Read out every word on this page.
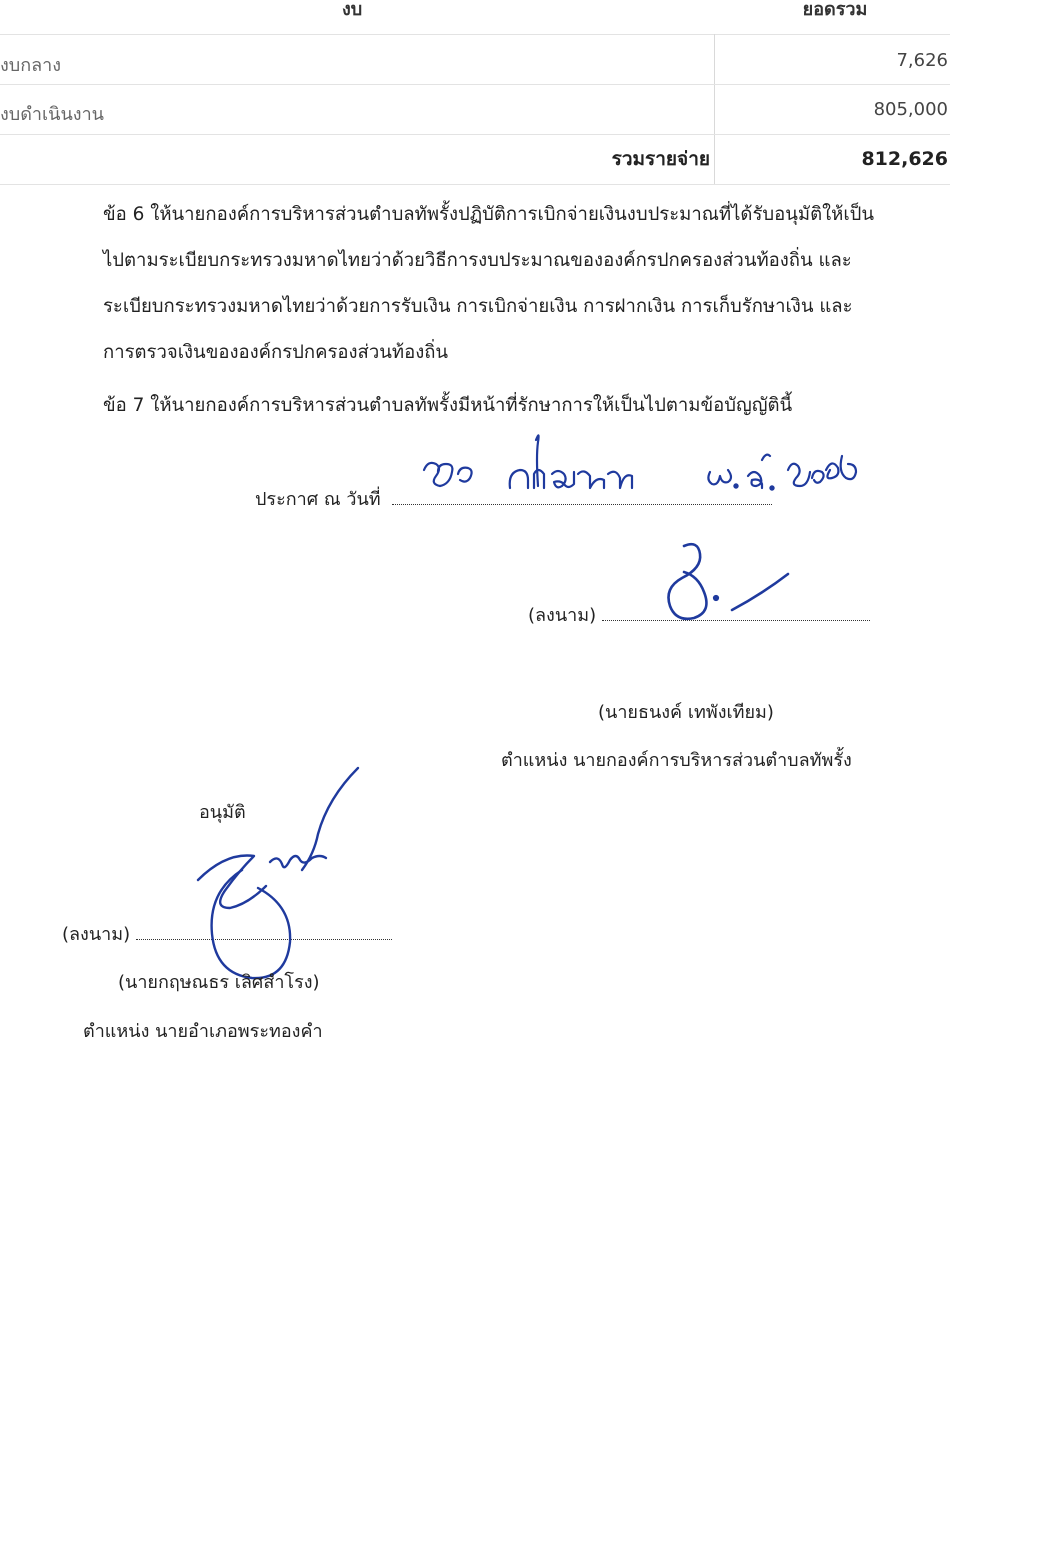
งบ	ยอดรวม
งบกลาง	7,626
งบดำเนินงาน	805,000
รวมรายจ่าย	812,626
ข้อ 6 ให้นายกองค์การบริหารส่วนตำบลทัพรั้งปฏิบัติการเบิกจ่ายเงินงบประมาณที่ได้รับอนุมัติให้เป็น
ไปตามระเบียบกระทรวงมหาดไทยว่าด้วยวิธีการงบประมาณขององค์กรปกครองส่วนท้องถิ่น และ
ระเบียบกระทรวงมหาดไทยว่าด้วยการรับเงิน การเบิกจ่ายเงิน การฝากเงิน การเก็บรักษาเงิน และ
การตรวจเงินขององค์กรปกครองส่วนท้องถิ่น
ข้อ 7 ให้นายกองค์การบริหารส่วนตำบลทัพรั้งมีหน้าที่รักษาการให้เป็นไปตามข้อบัญญัตินี้
ประกาศ ณ วันที่
(ลงนาม)
(นายธนงค์ เทพังเทียม)
ตำแหน่ง นายกองค์การบริหารส่วนตำบลทัพรั้ง
อนุมัติ
(ลงนาม)
(นายกฤษณธร เลิศสำโรง)
ตำแหน่ง นายอำเภอพระทองคำ
